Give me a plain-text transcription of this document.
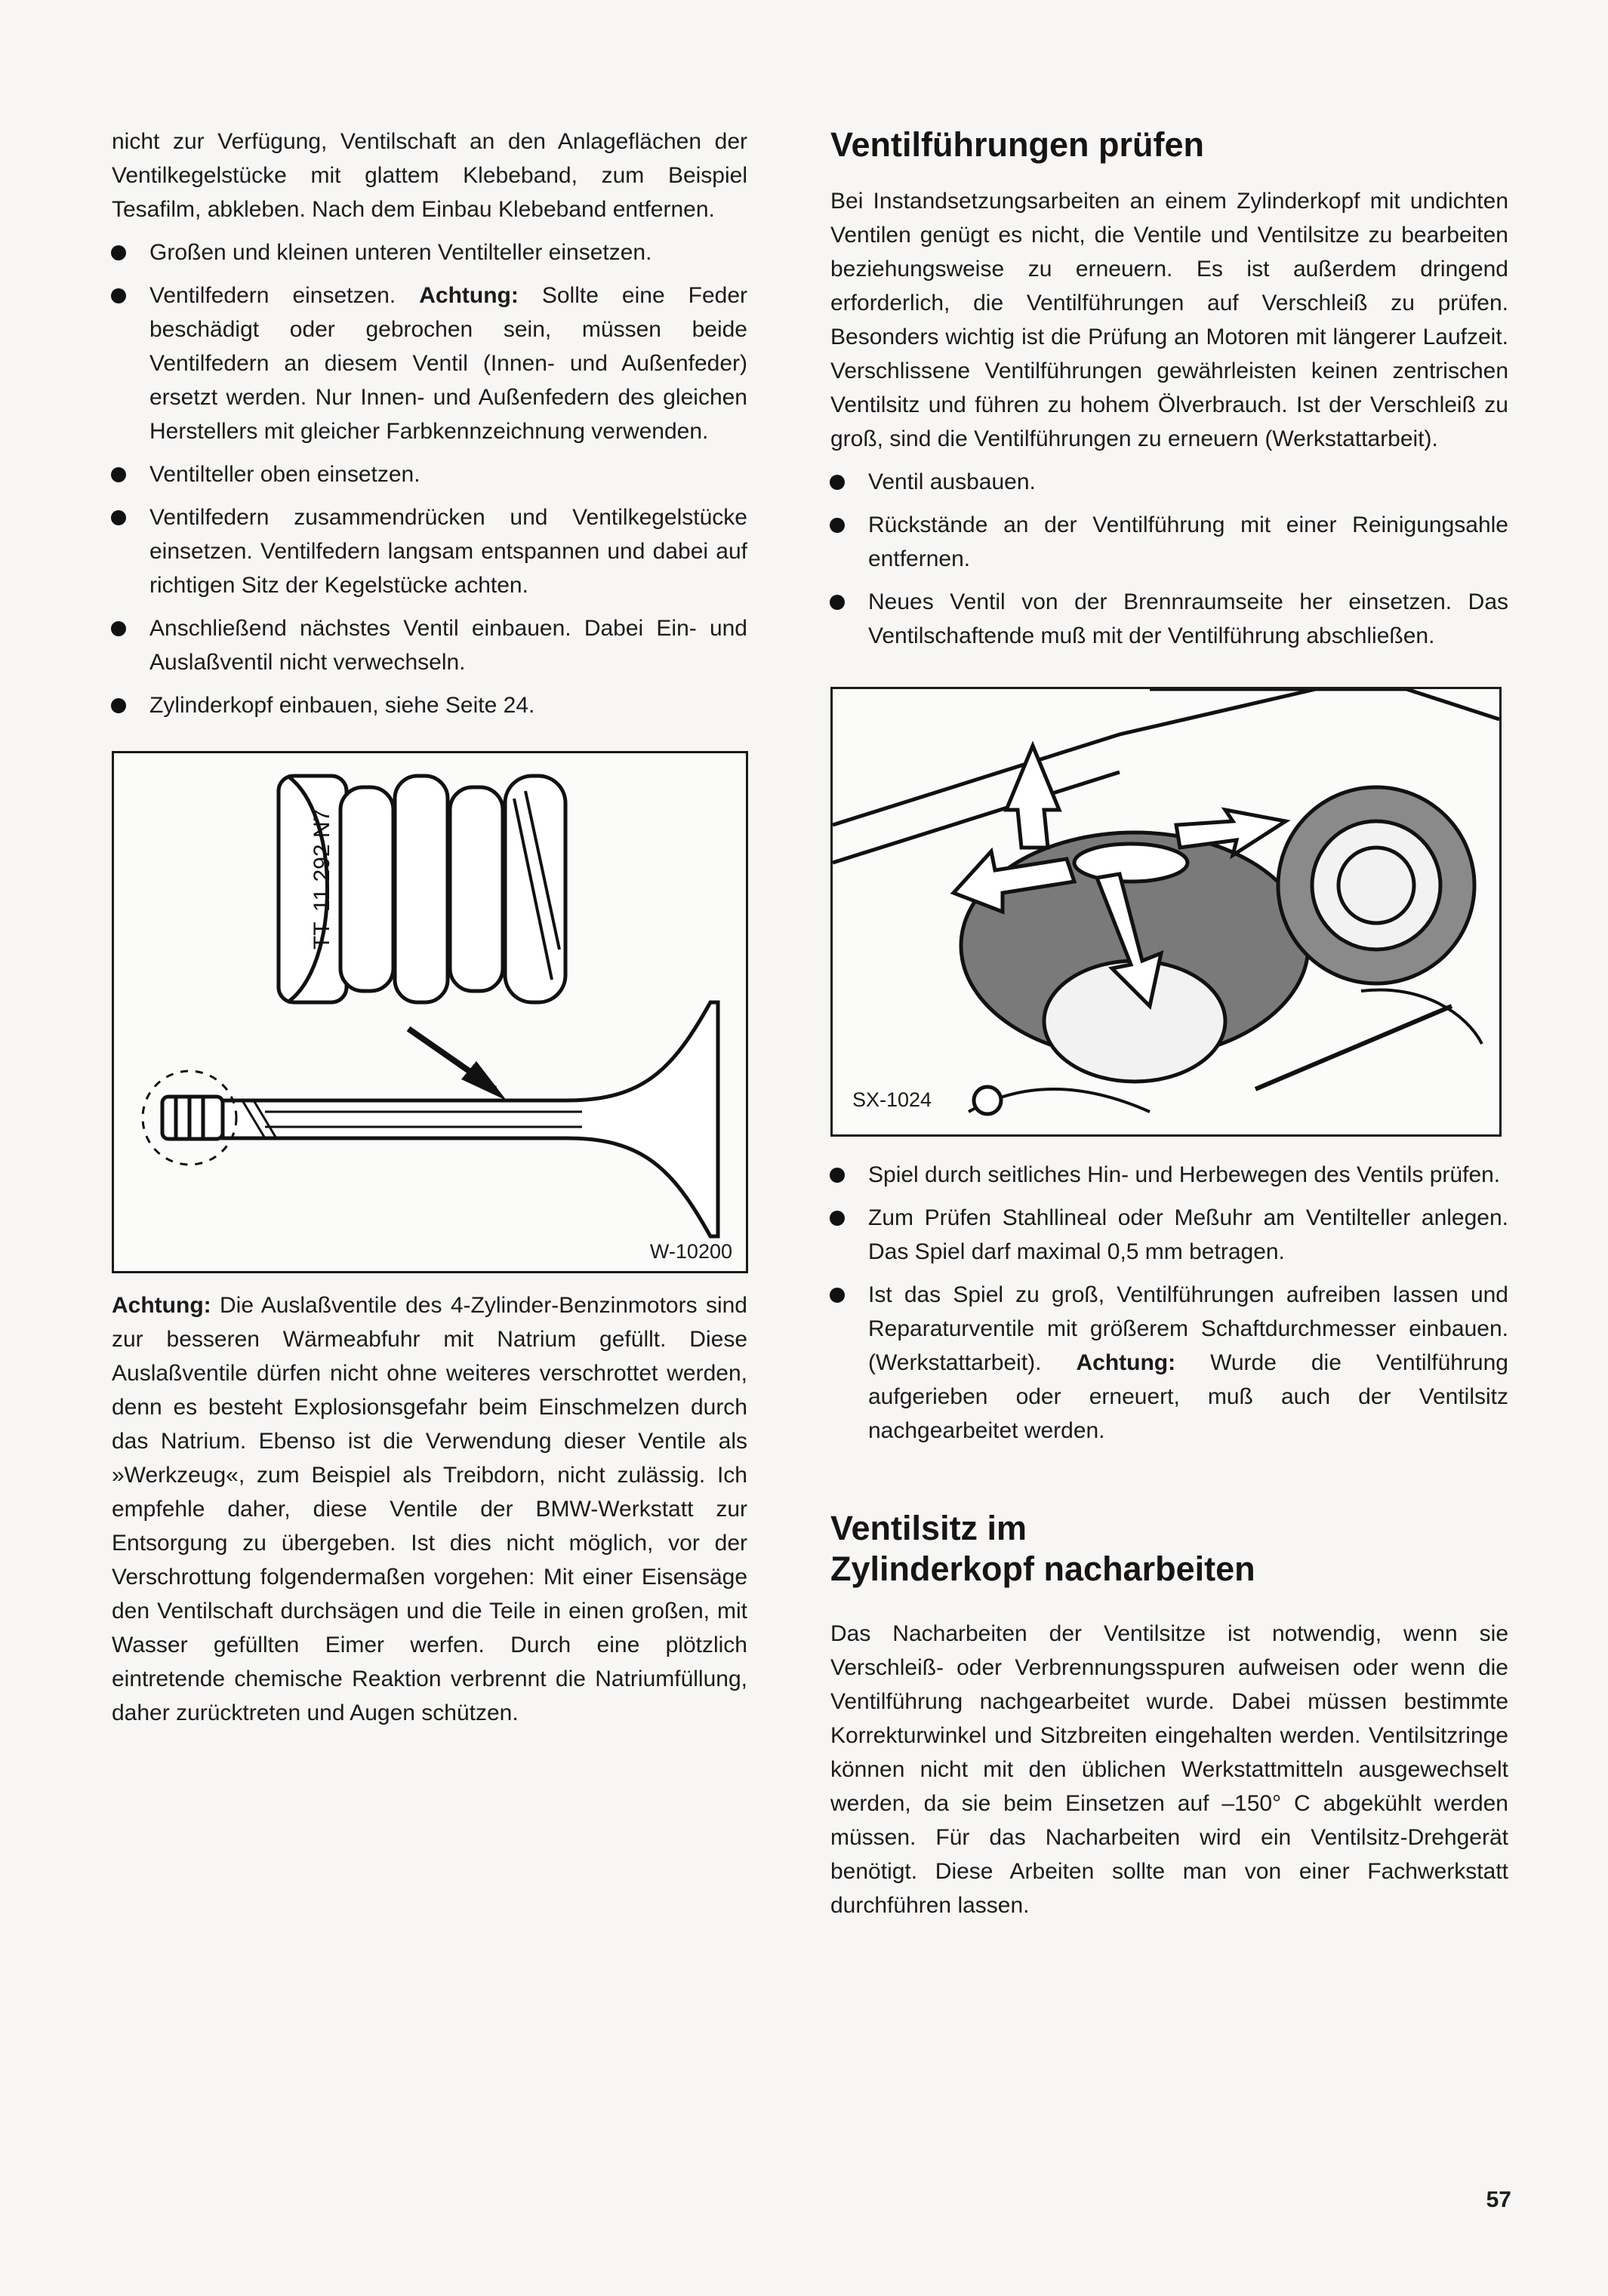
nicht zur Verfügung, Ventilschaft an den Anlageflächen der Ventilkegelstücke mit glattem Klebeband, zum Beispiel Tesafilm, abkleben. Nach dem Einbau Klebeband entfernen.

Großen und kleinen unteren Ventilteller einsetzen.
Ventilfedern einsetzen. Achtung: Sollte eine Feder beschädigt oder gebrochen sein, müssen beide Ventilfedern an diesem Ventil (Innen- und Außenfeder) ersetzt werden. Nur Innen- und Außenfedern des gleichen Herstellers mit gleicher Farbkennzeichnung verwenden.
Ventilteller oben einsetzen.
Ventilfedern zusammendrücken und Ventilkegelstücke einsetzen. Ventilfedern langsam entspannen und dabei auf richtigen Sitz der Kegelstücke achten.
Anschließend nächstes Ventil einbauen. Dabei Ein- und Auslaßventil nicht verwechseln.
Zylinderkopf einbauen, siehe Seite 24.
TT
11 292 N7
W-10200

Achtung: Die Auslaßventile des 4-Zylinder-Benzinmotors sind zur besseren Wärmeabfuhr mit Natrium gefüllt. Diese Auslaßventile dürfen nicht ohne weiteres verschrottet werden, denn es besteht Explosionsgefahr beim Einschmelzen durch das Natrium. Ebenso ist die Verwendung dieser Ventile als »Werkzeug«, zum Beispiel als Treibdorn, nicht zulässig. Ich empfehle daher, diese Ventile der BMW-Werkstatt zur Entsorgung zu übergeben. Ist dies nicht möglich, vor der Verschrottung folgendermaßen vorgehen: Mit einer Eisensäge den Ventilschaft durchsägen und die Teile in einen großen, mit Wasser gefüllten Eimer werfen. Durch eine plötzlich eintretende chemische Reaktion verbrennt die Natriumfüllung, daher zurücktreten und Augen schützen.

Ventilführungen prüfen

Bei Instandsetzungsarbeiten an einem Zylinderkopf mit undichten Ventilen genügt es nicht, die Ventile und Ventilsitze zu bearbeiten beziehungsweise zu erneuern. Es ist außerdem dringend erforderlich, die Ventilführungen auf Verschleiß zu prüfen. Besonders wichtig ist die Prüfung an Motoren mit längerer Laufzeit. Verschlissene Ventilführungen gewährleisten keinen zentrischen Ventilsitz und führen zu hohem Ölverbrauch. Ist der Verschleiß zu groß, sind die Ventilführungen zu erneuern (Werkstattarbeit).

Ventil ausbauen.
Rückstände an der Ventilführung mit einer Reinigungsahle entfernen.
Neues Ventil von der Brennraumseite her einsetzen. Das Ventilschaftende muß mit der Ventilführung abschließen.
SX-1024
Spiel durch seitliches Hin- und Herbewegen des Ventils prüfen.
Zum Prüfen Stahllineal oder Meßuhr am Ventilteller anlegen. Das Spiel darf maximal 0,5 mm betragen.
Ist das Spiel zu groß, Ventilführungen aufreiben lassen und Reparaturventile mit größerem Schaftdurchmesser einbauen. (Werkstattarbeit). Achtung: Wurde die Ventilführung aufgerieben oder erneuert, muß auch der Ventilsitz nachgearbeitet werden.
Ventilsitz im
Zylinderkopf nacharbeiten

Das Nacharbeiten der Ventilsitze ist notwendig, wenn sie Verschleiß- oder Verbrennungsspuren aufweisen oder wenn die Ventilführung nachgearbeitet wurde. Dabei müssen bestimmte Korrekturwinkel und Sitzbreiten eingehalten werden. Ventilsitzringe können nicht mit den üblichen Werkstattmitteln ausgewechselt werden, da sie beim Einsetzen auf –150° C abgekühlt werden müssen. Für das Nacharbeiten wird ein Ventilsitz-Drehgerät benötigt. Diese Arbeiten sollte man von einer Fachwerkstatt durchführen lassen.

57
